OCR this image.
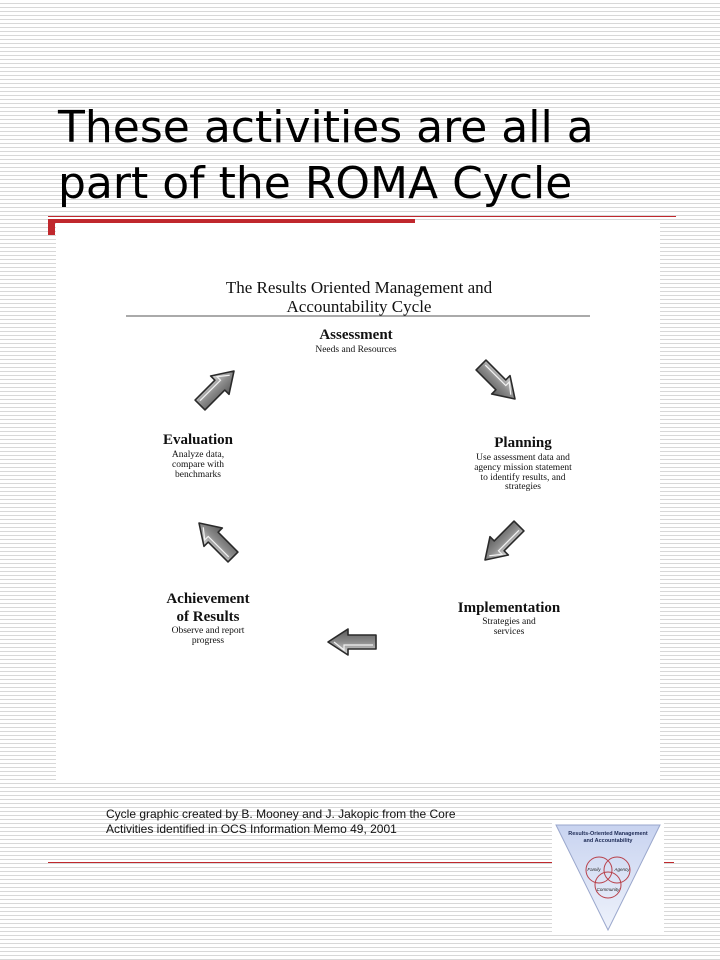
These activities are all a
part of the ROMA Cycle
The Results Oriented Management and
Accountability Cycle
Assessment
Needs and Resources
Planning
Use assessment data and
agency mission statement
to identify results, and
strategies
Implementation
Strategies and
services
Achievement
of Results
Observe and report
progress
Evaluation
Analyze data,
compare with
benchmarks
Cycle graphic created by B. Mooney and J. Jakopic from the Core
Activities identified in OCS Information Memo 49, 2001	Results-Oriented Management
and Accountability
Family	Agency
Community
